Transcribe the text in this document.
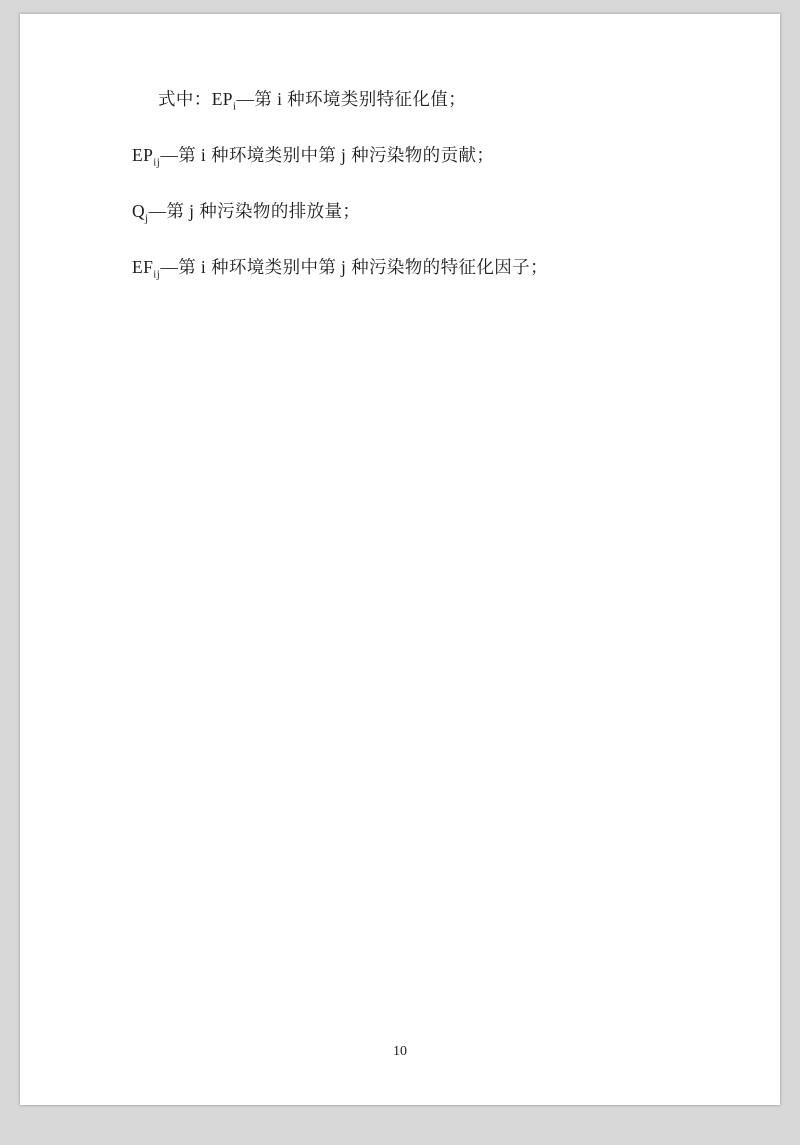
式中：$EP_i—$第 i 种环境类别特征化值；
$EP_{ij}—$第 i 种环境类别中第 j 种污染物的贡献；
$Q_j—$第 j 种污染物的排放量；
$EF_{ij}—$第 i 种环境类别中第 j 种污染物的特征化因子；
10
